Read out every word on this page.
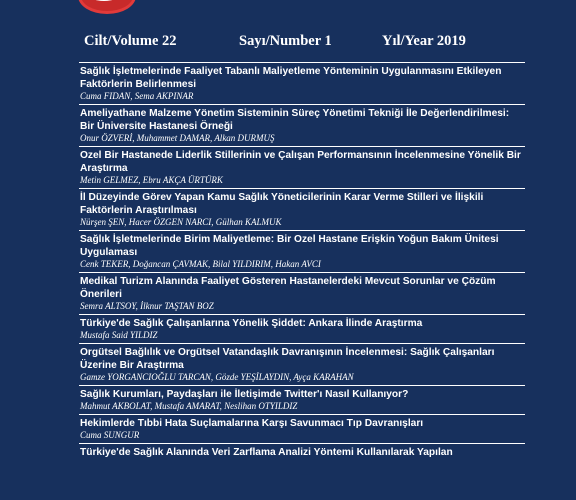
Cilt/Volume 22	Sayı/Number 1	Yıl/Year 2019
Sağlık İşletmelerinde Faaliyet Tabanlı Maliyetleme Yönteminin Uygulanmasını Etkileyen Faktörlerin Belirlenmesi
Cuma FIDAN, Sema AKPINAR
Ameliyathane Malzeme Yönetim Sisteminin Süreç Yönetimi Tekniği İle Değerlendirilmesi: Bir Üniversite Hastanesi Örneği
Onur ÖZVERİ, Muhammet DAMAR, Alkan DURMUŞ
Ozel Bir Hastanede Liderlik Stillerinin ve Çalışan Performansının İncelenmesine Yönelik Bir Araştırma
Metin GELMEZ, Ebru AKÇA ÜRTÜRK
İl Düzeyinde Görev Yapan Kamu Sağlık Yöneticilerinin Karar Verme Stilleri ve İlişkili Faktörlerin Araştırılması
Nürşen ŞEN, Hacer ÖZGEN NARCI, Gülhan KALMUK
Sağlık İşletmelerinde Birim Maliyetleme: Bir Ozel Hastane Erişkin Yoğun Bakım Ünitesi Uygulaması
Cenk TEKER, Doğancan ÇAVMAK, Bilal YILDIRIM, Hakan AVCI
Medikal Turizm Alanında Faaliyet Gösteren Hastanelerdeki Mevcut Sorunlar ve Çözüm Önerileri
Semra ALTSOY, İlknur TAŞTAN BOZ
Türkiye'de Sağlık Çalışanlarına Yönelik Şiddet: Ankara İlinde Araştırma
Mustafa Said YILDIZ
Orgütsel Bağlılık ve Orgütsel Vatandaşlık Davranışının İncelenmesi: Sağlık Çalışanları Üzerine Bir Araştırma
Gamze YORGANCIOĞLU TARCAN, Gözde YEŞİLAYDIN, Ayça KARAHAN
Sağlık Kurumları, Paydaşları ile İletişimde Twitter'ı Nasıl Kullanıyor?
Mahmut AKBOLAT, Mustafa AMARAT, Neslihan OTYILDIZ
Hekimlerde Tıbbi Hata Suçlamalarına Karşı Savunmacı Tıp Davranışları
Cuma SUNGUR
Türkiye'de Sağlık Alanında Veri Zarflama Analizi Yöntemi Kullanılarak Yapılan
